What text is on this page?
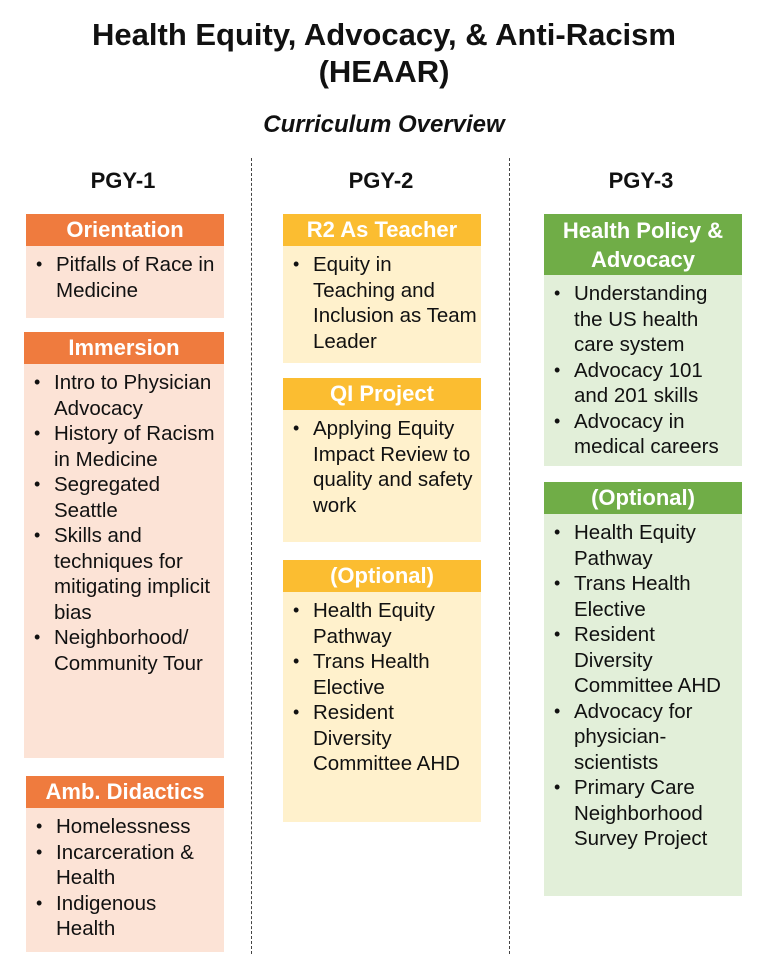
Health Equity, Advocacy, & Anti-Racism
(HEAAR)
Curriculum Overview
PGY-1	PGY-2	PGY-3
Orientation
• Pitfalls of Race in Medicine
Immersion
• Intro to Physician Advocacy
• History of Racism in Medicine
• Segregated Seattle
• Skills and techniques for mitigating implicit bias
• Neighborhood/ Community Tour
Amb. Didactics
• Homelessness
• Incarceration & Health
• Indigenous Health
R2 As Teacher
• Equity in Teaching and Inclusion as Team Leader
QI Project
• Applying Equity Impact Review to quality and safety work
(Optional)
• Health Equity Pathway
• Trans Health Elective
• Resident Diversity Committee AHD
Health Policy & Advocacy
• Understanding the US health care system
• Advocacy 101 and 201 skills
• Advocacy in medical careers
(Optional)
• Health Equity Pathway
• Trans Health Elective
• Resident Diversity Committee AHD
• Advocacy for physician-scientists
• Primary Care Neighborhood Survey Project
